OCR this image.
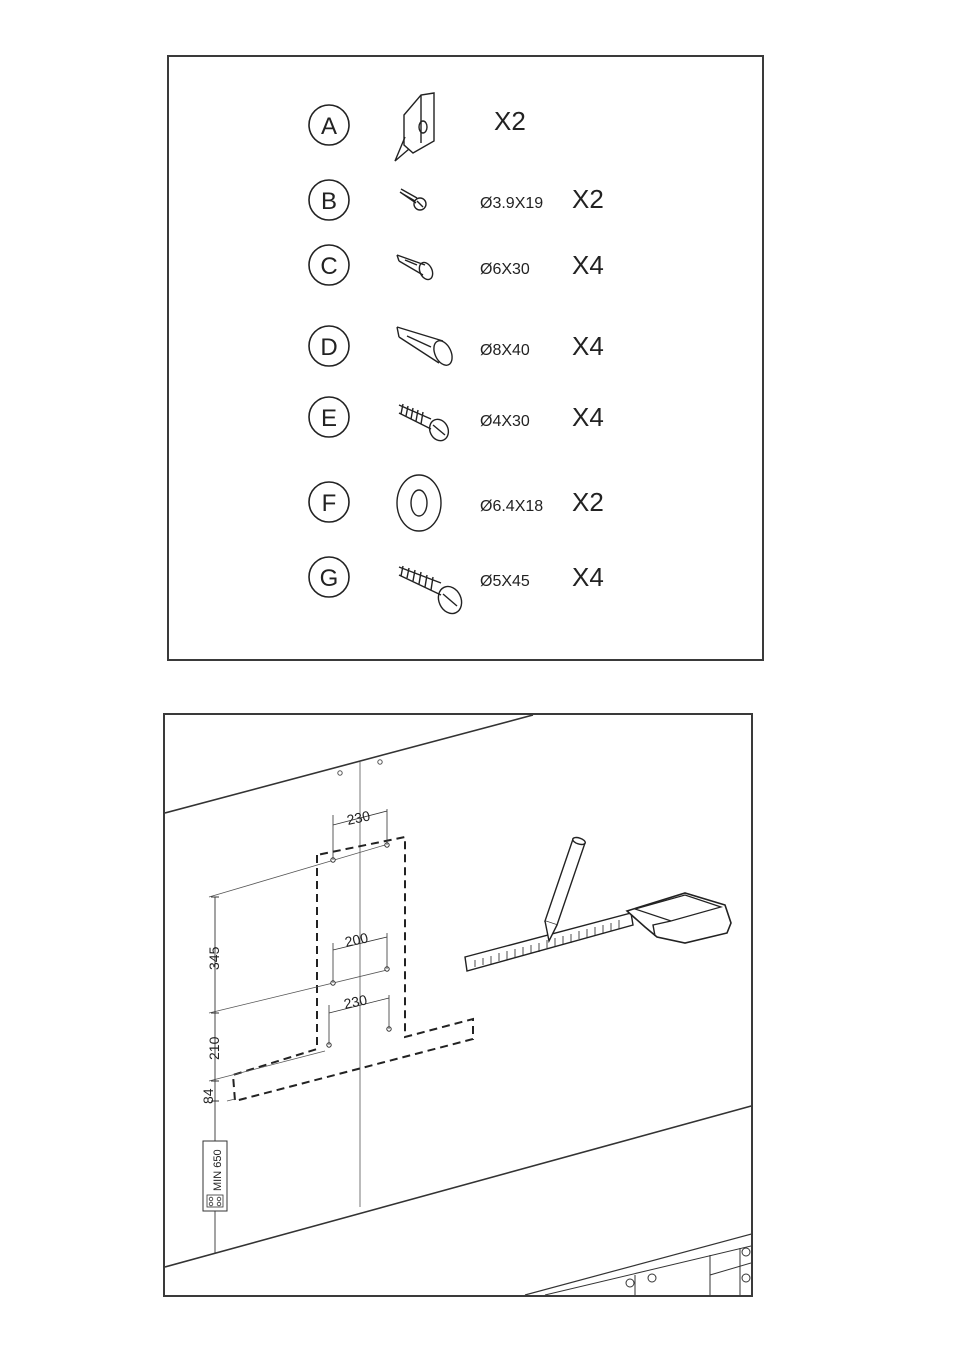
A	X2
B	Ø3.9X19 X2
C	Ø6X30 X4
D	Ø8X40 X4
E	Ø4X30 X4
F	Ø6.4X18 X2
G	Ø5X45 X4
230
200
230
345
210
84
MIN 650
